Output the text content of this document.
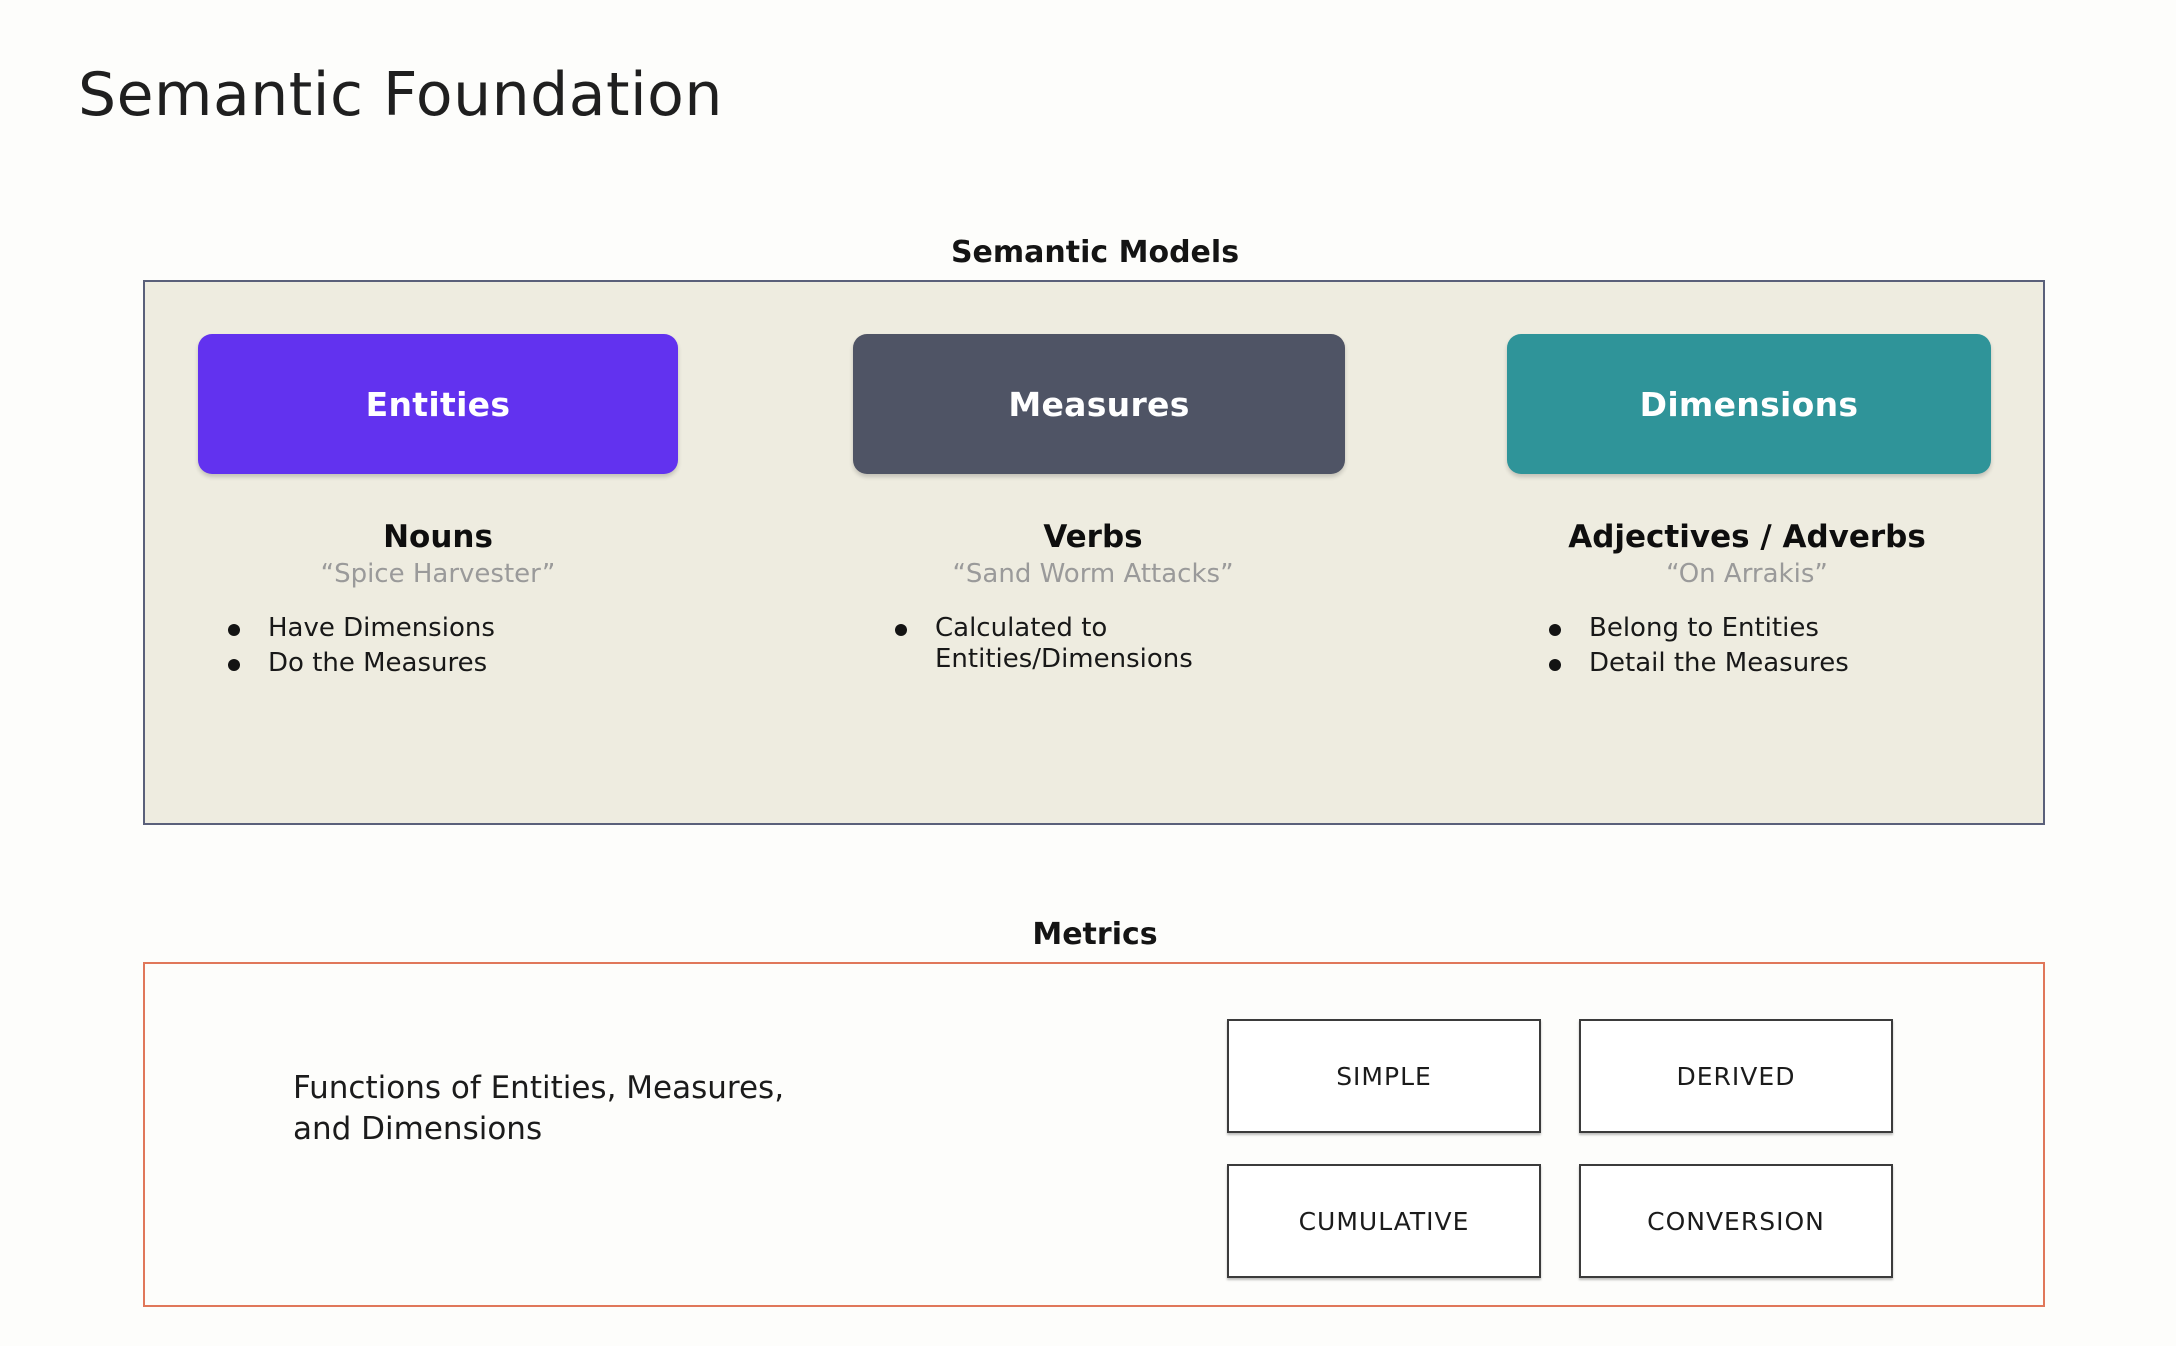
Semantic Foundation
Semantic Models
Entities
Nouns
“Spice Harvester”
Have Dimensions
Do the Measures
Measures
Verbs
“Sand Worm Attacks”
Calculated to
Entities/Dimensions
Dimensions
Adjectives / Adverbs
“On Arrakis”
Belong to Entities
Detail the Measures
Metrics
Functions of Entities, Measures,
and Dimensions
SIMPLE	DERIVED
CUMULATIVE	CONVERSION
